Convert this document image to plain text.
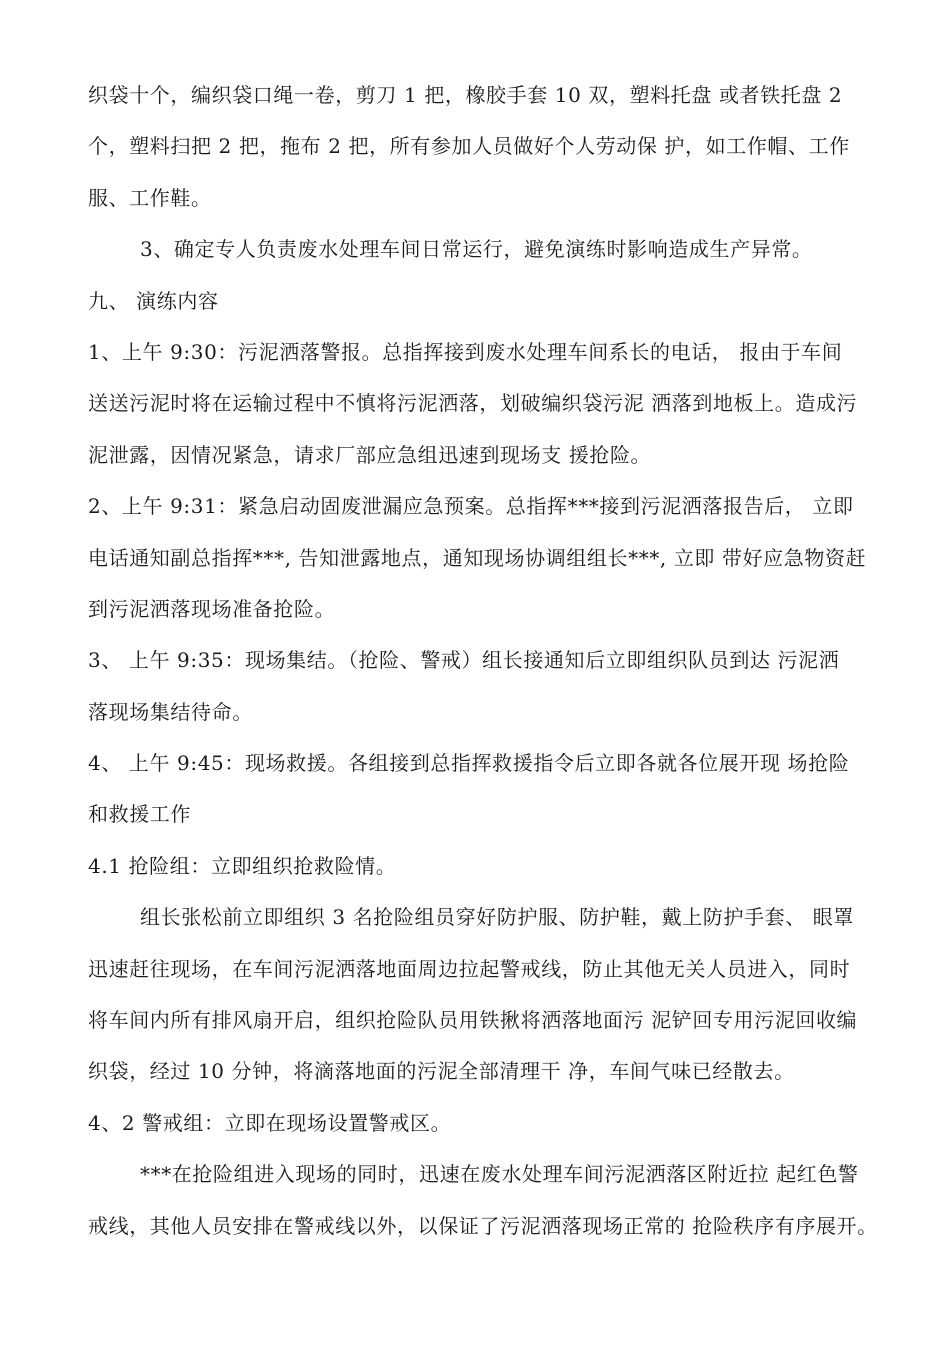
织袋十个，编织袋口绳一卷，剪刀 1 把，橡胶手套 10 双，塑料托盘 或者铁托盘 2
个，塑料扫把 2 把，拖布 2 把，所有参加人员做好个人劳动保 护，如工作帽、工作
服、工作鞋。
3、确定专人负责废水处理车间日常运行，避免演练时影响造成生产异常。
九、 演练内容
1、上午 9:30：污泥洒落警报。总指挥接到废水处理车间系长的电话， 报由于车间
送送污泥时将在运输过程中不慎将污泥洒落，划破编织袋污泥 洒落到地板上。造成污
泥泄露，因情况紧急，请求厂部应急组迅速到现场支 援抢险。
2、上午 9:31：紧急启动固废泄漏应急预案。总指挥***接到污泥洒落报告后， 立即
电话通知副总指挥***, 告知泄露地点，通知现场协调组组长***, 立即 带好应急物资赶
到污泥洒落现场准备抢险。
3、 上午 9:35：现场集结。（抢险、警戒）组长接通知后立即组织队员到达 污泥洒
落现场集结待命。
4、 上午 9:45：现场救援。各组接到总指挥救援指令后立即各就各位展开现 场抢险
和救援工作
4.1 抢险组：立即组织抢救险情。
组长张松前立即组织 3 名抢险组员穿好防护服、防护鞋，戴上防护手套、 眼罩
迅速赶往现场，在车间污泥洒落地面周边拉起警戒线，防止其他无关人员进入，同时
将车间内所有排风扇开启，组织抢险队员用铁揪将洒落地面污 泥铲回专用污泥回收编
织袋，经过 10 分钟，将滴落地面的污泥全部清理干 净，车间气味已经散去。
4、2 警戒组：立即在现场设置警戒区。
***在抢险组进入现场的同时，迅速在废水处理车间污泥洒落区附近拉 起红色警
戒线，其他人员安排在警戒线以外，以保证了污泥洒落现场正常的 抢险秩序有序展开。
